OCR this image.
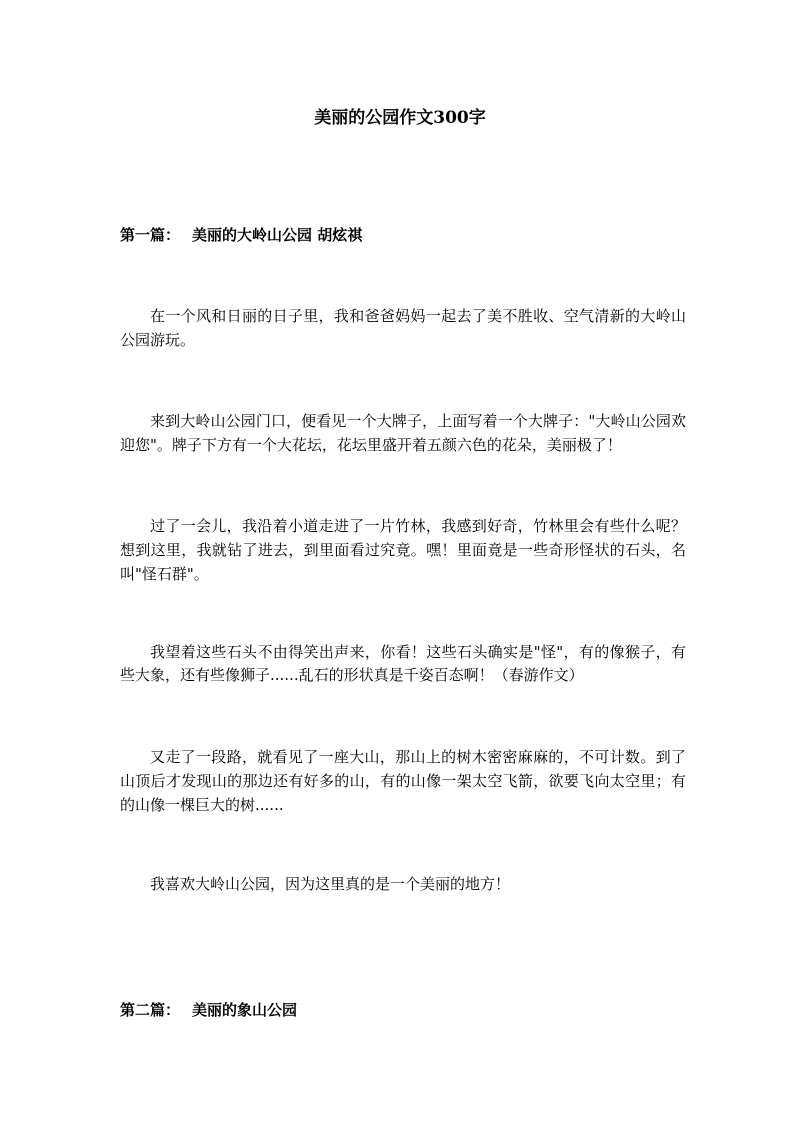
美丽的公园作文300字
第一篇： 美丽的大岭山公园 胡炫祺
在一个风和日丽的日子里，我和爸爸妈妈一起去了美不胜收、空气清新的大岭山
公园游玩。
来到大岭山公园门口，便看见一个大牌子，上面写着一个大牌子："大岭山公园欢
迎您"。牌子下方有一个大花坛，花坛里盛开着五颜六色的花朵，美丽极了！
过了一会儿，我沿着小道走进了一片竹林，我感到好奇，竹林里会有些什么呢？
想到这里，我就钻了进去，到里面看过究竟。嘿！里面竟是一些奇形怪状的石头，名
叫"怪石群"。
我望着这些石头不由得笑出声来，你看！这些石头确实是"怪"，有的像猴子，有
些大象，还有些像狮子......乱石的形状真是千姿百态啊！（春游作文）
又走了一段路，就看见了一座大山，那山上的树木密密麻麻的，不可计数。到了
山顶后才发现山的那边还有好多的山，有的山像一架太空飞箭，欲要飞向太空里；有
的山像一棵巨大的树......
我喜欢大岭山公园，因为这里真的是一个美丽的地方！
第二篇： 美丽的象山公园
